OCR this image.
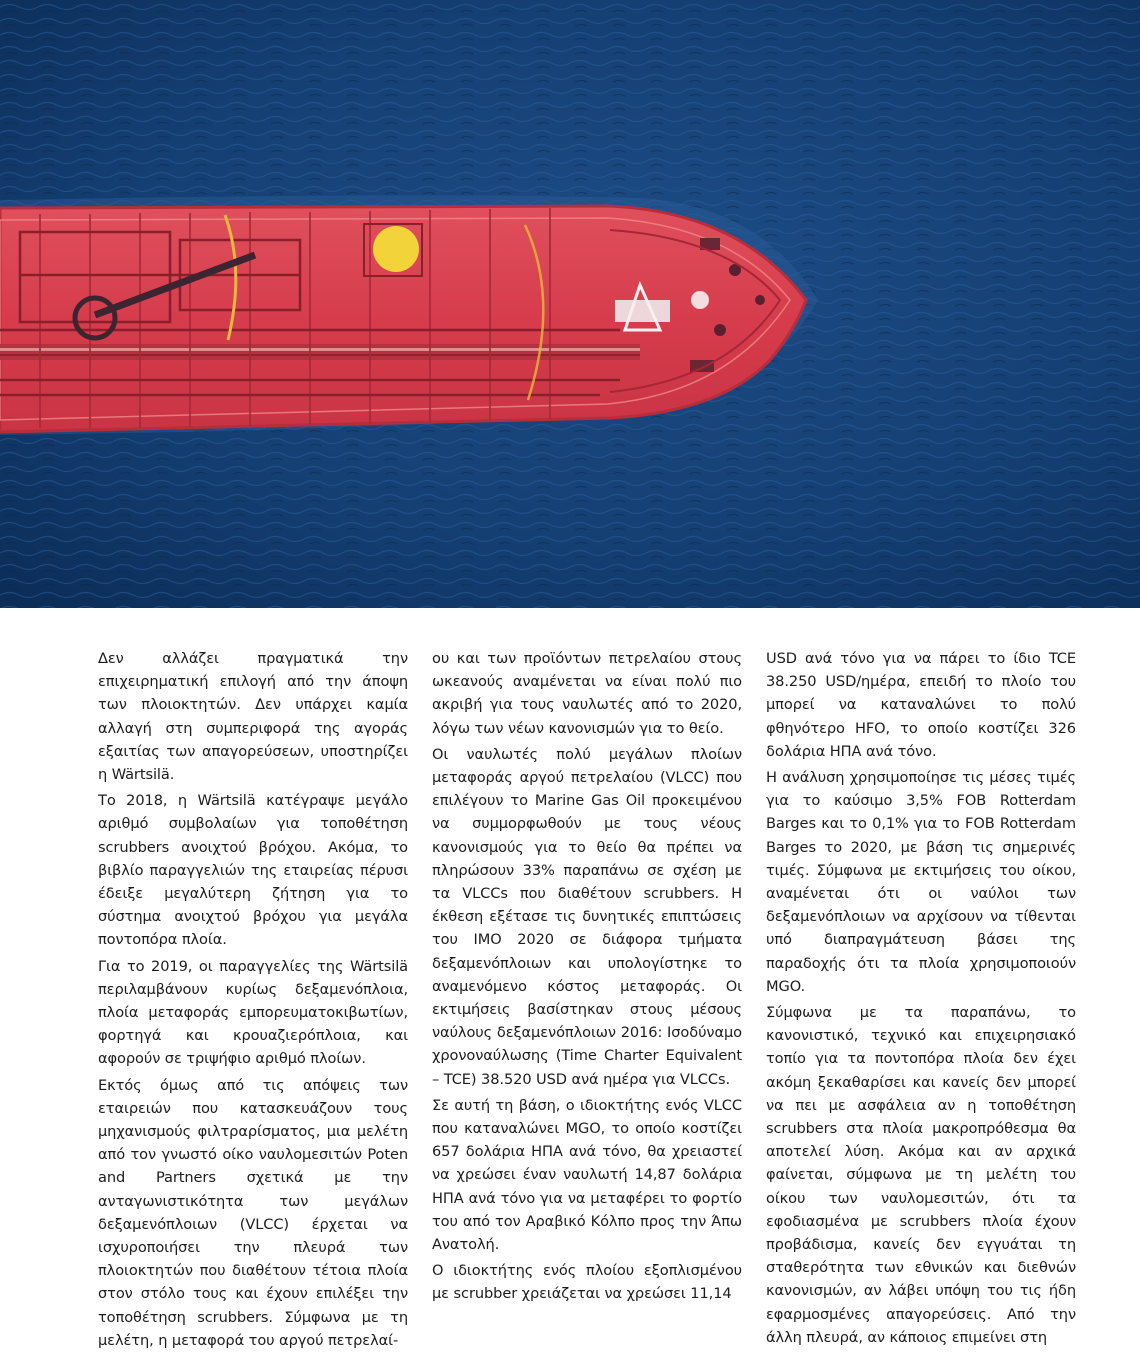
Δεν αλλάζει πραγματικά την επιχειρηματική επιλογή από την άποψη των πλοιοκτητών. Δεν υπάρχει καμία αλλαγή στη συμπεριφορά της αγοράς εξαιτίας των απαγορεύσεων, υποστηρίζει η Wärtsilä.

Το 2018, η Wärtsilä κατέγραψε μεγάλο αριθμό συμβολαίων για τοποθέτηση scrubbers ανοιχτού βρόχου. Ακόμα, το βιβλίο παραγγελιών της εταιρείας πέρυσι έδειξε μεγαλύτερη ζήτηση για το σύστημα ανοιχτού βρόχου για μεγάλα ποντοπόρα πλοία.

Για το 2019, οι παραγγελίες της Wärtsilä περιλαμβάνουν κυρίως δεξαμενόπλοια, πλοία μεταφοράς εμπορευματοκιβωτίων, φορτηγά και κρουαζιερόπλοια, και αφορούν σε τριψήφιο αριθμό πλοίων.

Εκτός όμως από τις απόψεις των εταιρειών που κατασκευάζουν τους μηχανισμούς φιλτραρίσματος, μια μελέτη από τον γνωστό οίκο ναυλομεσιτών Poten and Partners σχετικά με την ανταγωνιστικότητα των μεγάλων δεξαμενόπλοιων (VLCC) έρχεται να ισχυροποιήσει την πλευρά των πλοιοκτητών που διαθέτουν τέτοια πλοία στον στόλο τους και έχουν επιλέξει την τοποθέτηση scrubbers. Σύμφωνα με τη μελέτη, η μεταφορά του αργού πετρελαί-

ου και των προϊόντων πετρελαίου στους ωκεανούς αναμένεται να είναι πολύ πιο ακριβή για τους ναυλωτές από το 2020, λόγω των νέων κανονισμών για το θείο.

Οι ναυλωτές πολύ μεγάλων πλοίων μεταφοράς αργού πετρελαίου (VLCC) που επιλέγουν το Marine Gas Oil προκειμένου να συμμορφωθούν με τους νέους κανονισμούς για το θείο θα πρέπει να πληρώσουν 33% παραπάνω σε σχέση με τα VLCCs που διαθέτουν scrubbers. Η έκθεση εξέτασε τις δυνητικές επιπτώσεις του IMO 2020 σε διάφορα τμήματα δεξαμενόπλοιων και υπολογίστηκε το αναμενόμενο κόστος μεταφοράς. Οι εκτιμήσεις βασίστηκαν στους μέσους ναύλους δεξαμενόπλοιων 2016: Ισοδύναμο χρονοναύλωσης (Time Charter Equivalent – TCE) 38.520 USD ανά ημέρα για VLCCs.

Σε αυτή τη βάση, ο ιδιοκτήτης ενός VLCC που καταναλώνει MGO, το οποίο κοστίζει 657 δολάρια ΗΠΑ ανά τόνο, θα χρειαστεί να χρεώσει έναν ναυλωτή 14,87 δολάρια ΗΠΑ ανά τόνο για να μεταφέρει το φορτίο του από τον Αραβικό Κόλπο προς την Άπω Ανατολή.

Ο ιδιοκτήτης ενός πλοίου εξοπλισμένου με scrubber χρειάζεται να χρεώσει 11,14

USD ανά τόνο για να πάρει το ίδιο TCE 38.250 USD/ημέρα, επειδή το πλοίο του μπορεί να καταναλώνει το πολύ φθηνότερο HFO, το οποίο κοστίζει 326 δολάρια ΗΠΑ ανά τόνο.

Η ανάλυση χρησιμοποίησε τις μέσες τιμές για το καύσιμο 3,5% FOB Rotterdam Barges και το 0,1% για το FOB Rotterdam Barges το 2020, με βάση τις σημερινές τιμές. Σύμφωνα με εκτιμήσεις του οίκου, αναμένεται ότι οι ναύλοι των δεξαμενόπλοιων να αρχίσουν να τίθενται υπό διαπραγμάτευση βάσει της παραδοχής ότι τα πλοία χρησιμοποιούν MGO.

Σύμφωνα με τα παραπάνω, το κανονιστικό, τεχνικό και επιχειρησιακό τοπίο για τα ποντοπόρα πλοία δεν έχει ακόμη ξεκαθαρίσει και κανείς δεν μπορεί να πει με ασφάλεια αν η τοποθέτηση scrubbers στα πλοία μακροπρόθεσμα θα αποτελεί λύση. Ακόμα και αν αρχικά φαίνεται, σύμφωνα με τη μελέτη του οίκου των ναυλομεσιτών, ότι τα εφοδιασμένα με scrubbers πλοία έχουν προβάδισμα, κανείς δεν εγγυάται τη σταθερότητα των εθνικών και διεθνών κανονισμών, αν λάβει υπόψη του τις ήδη εφαρμοσμένες απαγορεύσεις. Από την άλλη πλευρά, αν κάποιος επιμείνει στη
